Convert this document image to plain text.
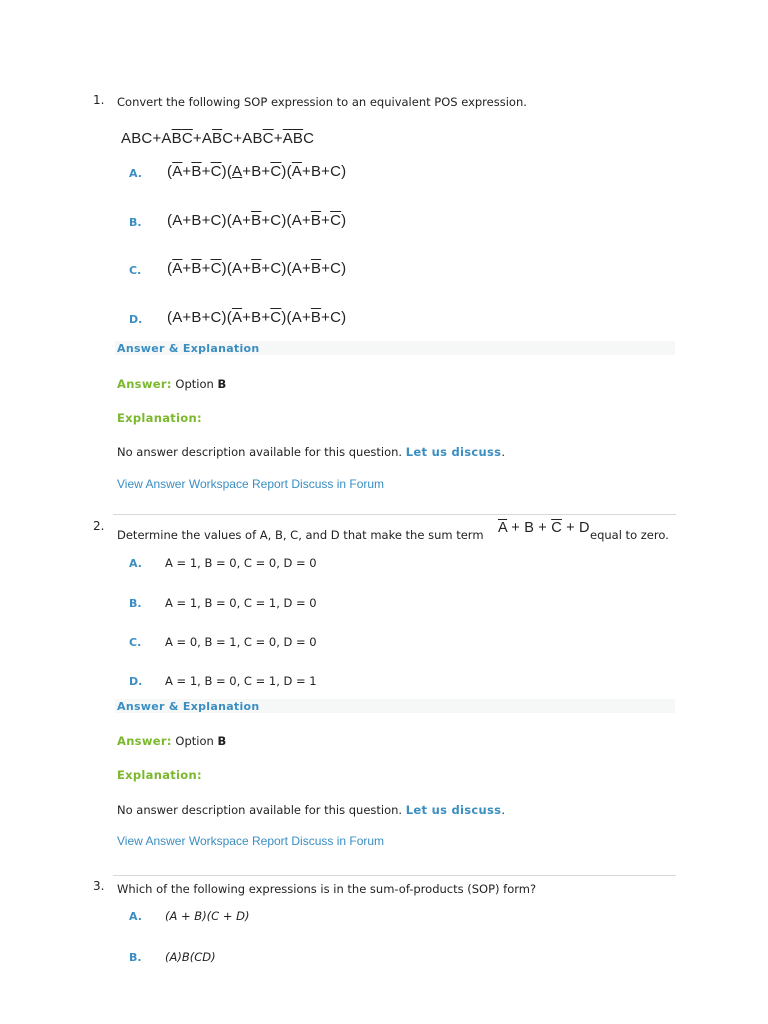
1. Convert the following SOP expression to an equivalent POS expression.
$ABC+A\overline{B}\overline{C}+A\overline{B}C+AB\overline{C}+\overline{A}\overline{B}C$
A. $(\overline{A}+\overline{B}+\overline{C})(A+B+\overline{C})(\overline{A}+B+C)$
B. $(A+B+C)(A+\overline{B}+C)(A+\overline{B}+\overline{C})$
C. $(\overline{A}+\overline{B}+\overline{C})(A+\overline{B}+C)(A+\overline{B}+C)$
D. $(A+B+C)(\overline{A}+B+\overline{C})(A+\overline{B}+C)$
Answer & Explanation
Answer: Option B
Explanation:
No answer description available for this question. Let us discuss.
View Answer Workspace Report Discuss in Forum
2.
Determine the values of A, B, C, and D that make the sum term $\overline{A} + B + \overline{C} + D$ equal to zero.
A. A = 1, B = 0, C = 0, D = 0
B. A = 1, B = 0, C = 1, D = 0
C. A = 0, B = 1, C = 0, D = 0
D. A = 1, B = 0, C = 1, D = 1
Answer & Explanation
Answer: Option B
Explanation:
No answer description available for this question. Let us discuss.
View Answer Workspace Report Discuss in Forum
3. Which of the following expressions is in the sum-of-products (SOP) form?
A. (A + B)(C + D)
B. (A)B(CD)
